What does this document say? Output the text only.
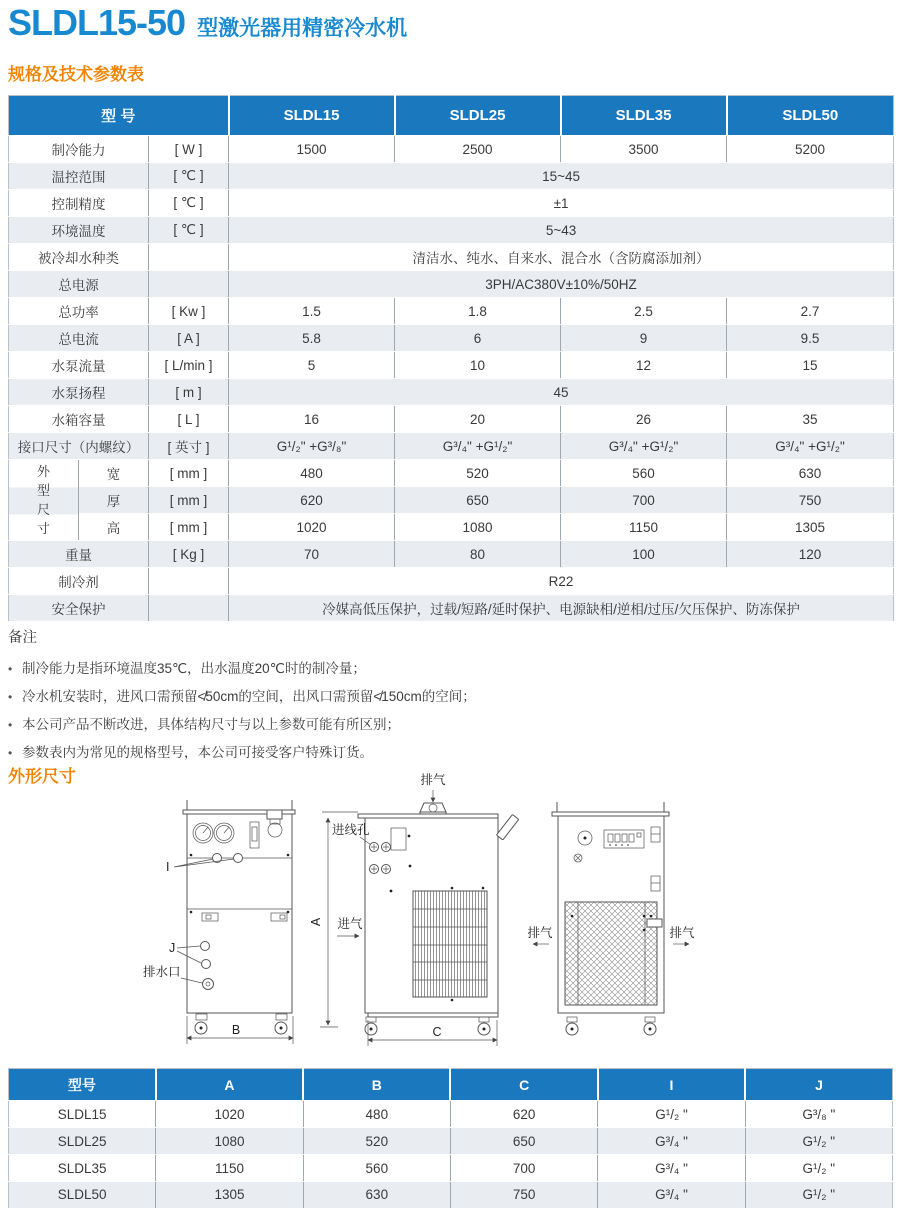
SLDL15-50 型激光器用精密冷水机
规格及技术参数表
型 号			SLDL15	SLDL25	SLDL35	SLDL50
制冷能力		[ W ]	1500	2500	3500	5200
温控范围		[ ℃ ]	15~45			
控制精度		[ ℃ ]	±1			
环境温度		[ ℃ ]	5~43			
被冷却水种类			清洁水、纯水、自来水、混合水（含防腐添加剂）			
总电源			3PH/AC380V±10%/50HZ			
总功率		[ Kw ]	1.5	1.8	2.5	2.7
总电流		[ A ]	5.8	6	9	9.5
水泵流量		[ L/min ]	5	10	12	15
水泵扬程		[ m ]	45			
水箱容量		[ L ]	16	20	26	35
接口尺寸（内螺纹）		[ 英寸 ]	G¹/₂" +G³/₈"	G³/₄" +G¹/₂"	G³/₄" +G¹/₂"	G³/₄" +G¹/₂"

外型尺寸	宽	[ mm ]	480	520	560	630
	厚	[ mm ]	620	650	700	750
	高	[ mm ]	1020	1080	1150	1305
重量		[ Kg ]	70	80	100	120
制冷剂			R22			
安全保护			冷媒高低压保护，过载/短路/延时保护、电源缺相/逆相/过压/欠压保护、防冻保护			
备注
• 制冷能力是指环境温度35℃，出水温度20℃时的制冷量；
• 冷水机安装时，进风口需预留≮50cm的空间，出风口需预留≮150cm的空间；
• 本公司产品不断改进，具体结构尺寸与以上参数可能有所区别；
• 参数表内为常见的规格型号，本公司可接受客户特殊订货。
外形尺寸
I
J
排水口
B
排气
进线孔
进气
A
C
排气	排气
型号	A	B	C	I	J
SLDL15	1020	480	620	G¹/₂ "	G³/₈ "
SLDL25	1080	520	650	G³/₄ "	G¹/₂ "
SLDL35	1150	560	700	G³/₄ "	G¹/₂ "
SLDL50	1305	630	750	G³/₄ "	G¹/₂ "
